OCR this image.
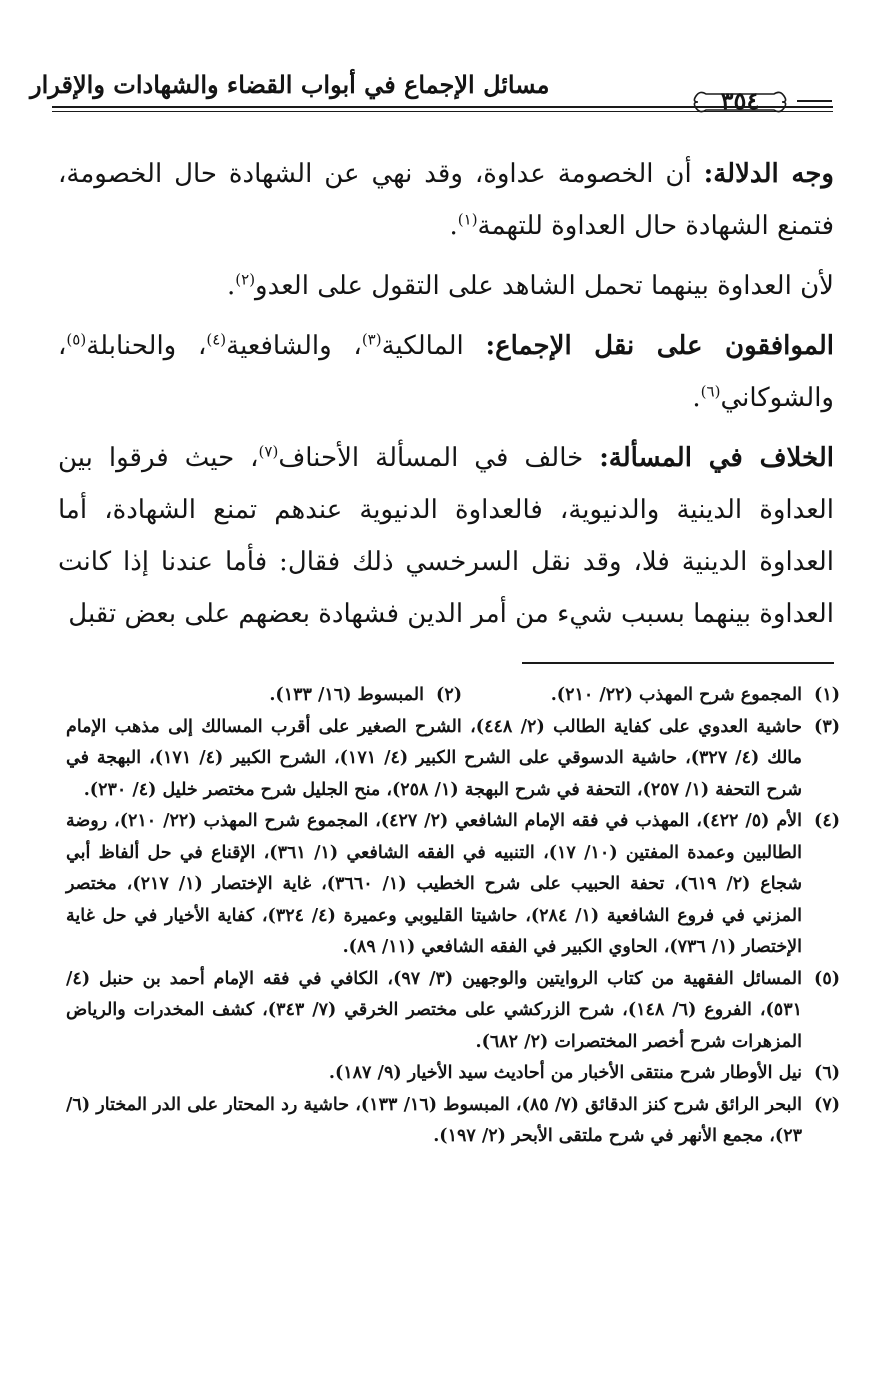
مسائل الإجماع في أبواب القضاء والشهادات والإقرار
٣٥٤

وجه الدلالة: أن الخصومة عداوة، وقد نهي عن الشهادة حال الخصومة، فتمنع الشهادة حال العداوة للتهمة$^{(١)}$.

لأن العداوة بينهما تحمل الشاهد على التقول على العدو$^{(٢)}$.

الموافقون على نقل الإجماع: المالكية$^{(٣)}$، والشافعية$^{(٤)}$، والحنابلة$^{(٥)}$، والشوكاني$^{(٦)}$.

الخلاف في المسألة: خالف في المسألة الأحناف$^{(٧)}$، حيث فرقوا بين العداوة الدينية والدنيوية، فالعداوة الدنيوية عندهم تمنع الشهادة، أما العداوة الدينية فلا، وقد نقل السرخسي ذلك فقال: فأما عندنا إذا كانت العداوة بينهما بسبب شيء من أمر الدين فشهادة بعضهم على بعض تقبل

(١)
المجموع شرح المهذب (٢٢/ ٢١٠).
(٢)
المبسوط (١٦/ ١٣٣).
(٣)
حاشية العدوي على كفاية الطالب (٢/ ٤٤٨)، الشرح الصغير على أقرب المسالك إلى مذهب الإمام مالك (٤/ ٣٢٧)، حاشية الدسوقي على الشرح الكبير (٤/ ١٧١)، الشرح الكبير (٤/ ١٧١)، البهجة في شرح التحفة (١/ ٢٥٧)، التحفة في شرح البهجة (١/ ٢٥٨)، منح الجليل شرح مختصر خليل (٤/ ٢٣٠).
(٤)
الأم (٥/ ٤٢٢)، المهذب في فقه الإمام الشافعي (٢/ ٤٢٧)، المجموع شرح المهذب (٢٢/ ٢١٠)، روضة الطالبين وعمدة المفتين (١٠/ ١٧)، التنبيه في الفقه الشافعي (١/ ٣٦١)، الإقناع في حل ألفاظ أبي شجاع (٢/ ٦١٩)، تحفة الحبيب على شرح الخطيب (١/ ٣٦٦٠)، غاية الإختصار (١/ ٢١٧)، مختصر المزني في فروع الشافعية (١/ ٢٨٤)، حاشيتا القليوبي وعميرة (٤/ ٣٢٤)، كفاية الأخيار في حل غاية الإختصار (١/ ٧٣٦)، الحاوي الكبير في الفقه الشافعي (١١/ ٨٩).
(٥)
المسائل الفقهية من كتاب الروايتين والوجهين (٣/ ٩٧)، الكافي في فقه الإمام أحمد بن حنبل (٤/ ٥٣١)، الفروع (٦/ ١٤٨)، شرح الزركشي على مختصر الخرقي (٧/ ٣٤٣)، كشف المخدرات والرياض المزهرات شرح أخصر المختصرات (٢/ ٦٨٢).
(٦)
نيل الأوطار شرح منتقى الأخبار من أحاديث سيد الأخيار (٩/ ١٨٧).
(٧)
البحر الرائق شرح كنز الدقائق (٧/ ٨٥)، المبسوط (١٦/ ١٣٣)، حاشية رد المحتار على الدر المختار (٦/ ٢٣)، مجمع الأنهر في شرح ملتقى الأبحر (٢/ ١٩٧).
